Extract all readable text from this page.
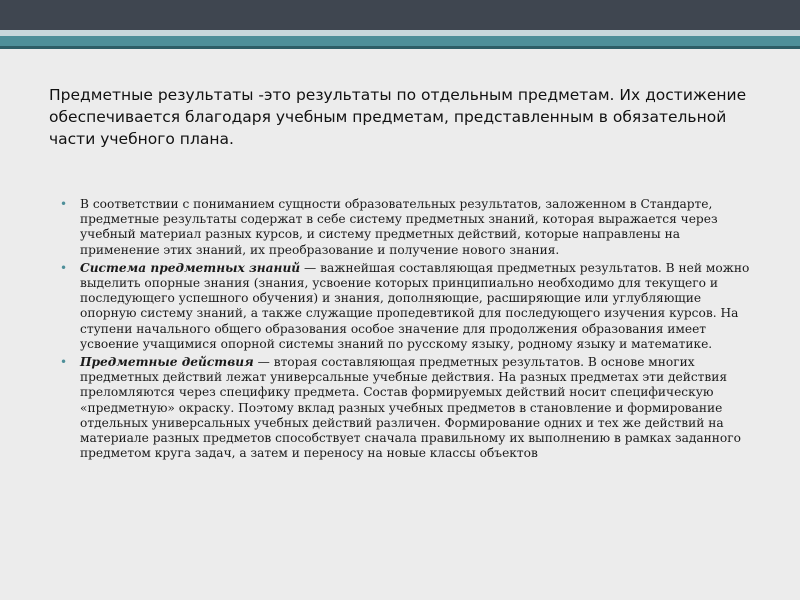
Предметные результаты -это результаты по отдельным предметам. Их достижение обеспечивается благодаря учебным предметам, представленным в обязательной части учебного плана.
• В соответствии с пониманием сущности образовательных результатов, заложенном в Стандарте, предметные результаты содержат в себе систему предметных знаний, которая выражается через учебный материал разных курсов, и систему предметных действий, которые направлены на применение этих знаний, их преобразование и получение нового знания.
• Система предметных знаний — важнейшая составляющая предметных результатов. В ней можно выделить опорные знания (знания, усвоение которых принципиально необходимо для текущего и последующего успешного обучения) и знания, дополняющие, расширяющие или углубляющие опорную систему знаний, а также служащие пропедевтикой для последующего изучения курсов. На ступени начального общего образования особое значение для продолжения образования имеет усвоение учащимися опорной системы знаний по русскому языку, родному языку и математике.
• Предметные действия — вторая составляющая предметных результатов. В основе многих предметных действий лежат универсальные учебные действия. На разных предметах эти действия преломляются через специфику предмета. Состав формируемых действий носит специфическую «предметную» окраску. Поэтому вклад разных учебных предметов в становление и формирование отдельных универсальных учебных действий различен. Формирование одних и тех же действий на материале разных предметов способствует сначала правильному их выполнению в рамках заданного предметом круга задач, а затем и переносу на новые классы объектов
